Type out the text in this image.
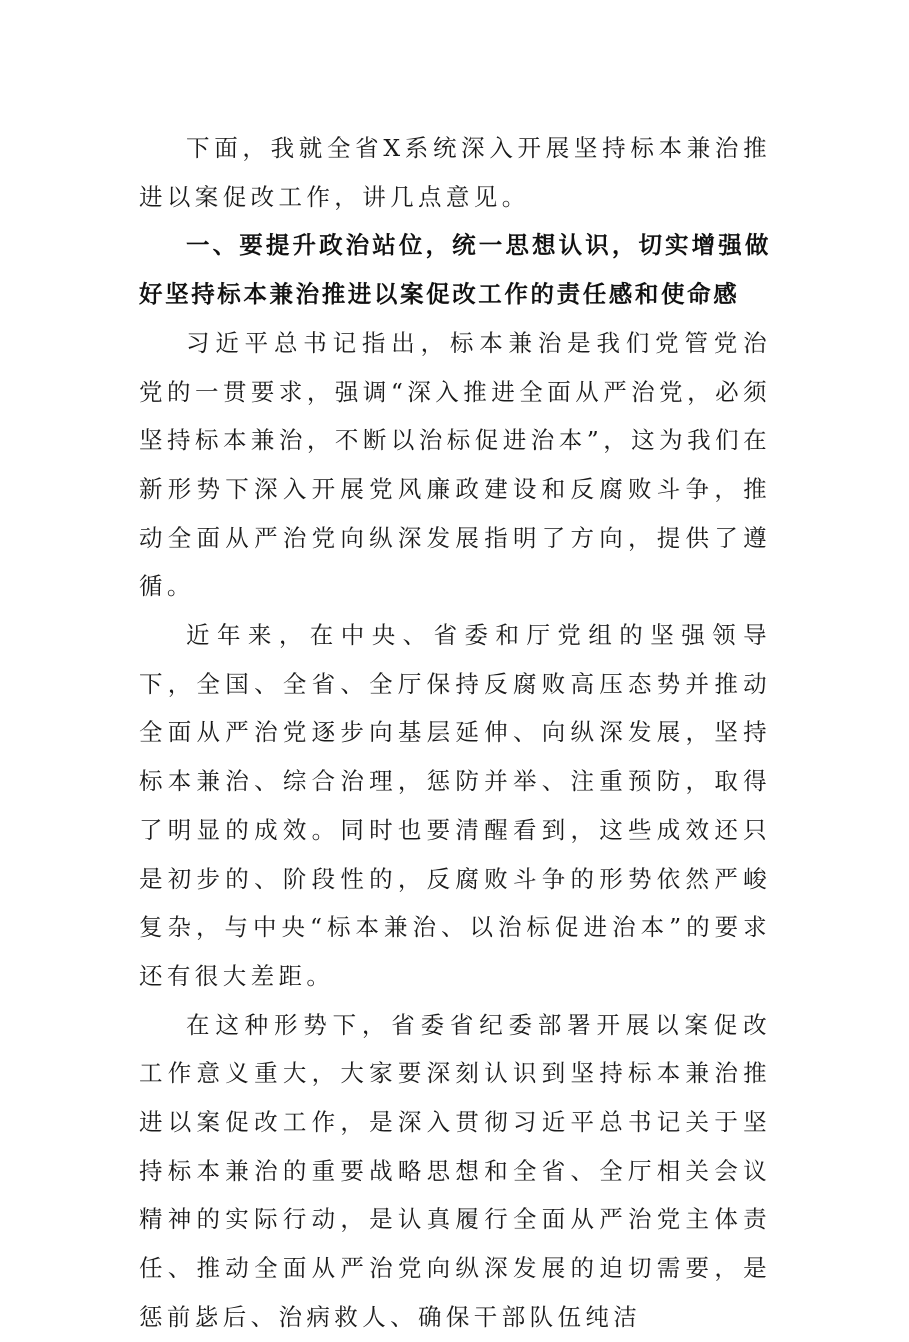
下面，我就全省X系统深入开展坚持标本兼治推进以案促改工作，讲几点意见。

一、要提升政治站位，统一思想认识，切实增强做好坚持标本兼治推进以案促改工作的责任感和使命感

习近平总书记指出，标本兼治是我们党管党治党的一贯要求，强调“深入推进全面从严治党，必须坚持标本兼治，不断以治标促进治本”，这为我们在新形势下深入开展党风廉政建设和反腐败斗争，推动全面从严治党向纵深发展指明了方向，提供了遵循。

近年来，在中央、省委和厅党组的坚强领导下，全国、全省、全厅保持反腐败高压态势并推动全面从严治党逐步向基层延伸、向纵深发展，坚持标本兼治、综合治理，惩防并举、注重预防，取得了明显的成效。同时也要清醒看到，这些成效还只是初步的、阶段性的，反腐败斗争的形势依然严峻复杂，与中央“标本兼治、以治标促进治本”的要求还有很大差距。

在这种形势下，省委省纪委部署开展以案促改工作意义重大，大家要深刻认识到坚持标本兼治推进以案促改工作，是深入贯彻习近平总书记关于坚持标本兼治的重要战略思想和全省、全厅相关会议精神的实际行动，是认真履行全面从严治党主体责任、推动全面从严治党向纵深发展的迫切需要，是惩前毖后、治病救人、确保干部队伍纯洁
